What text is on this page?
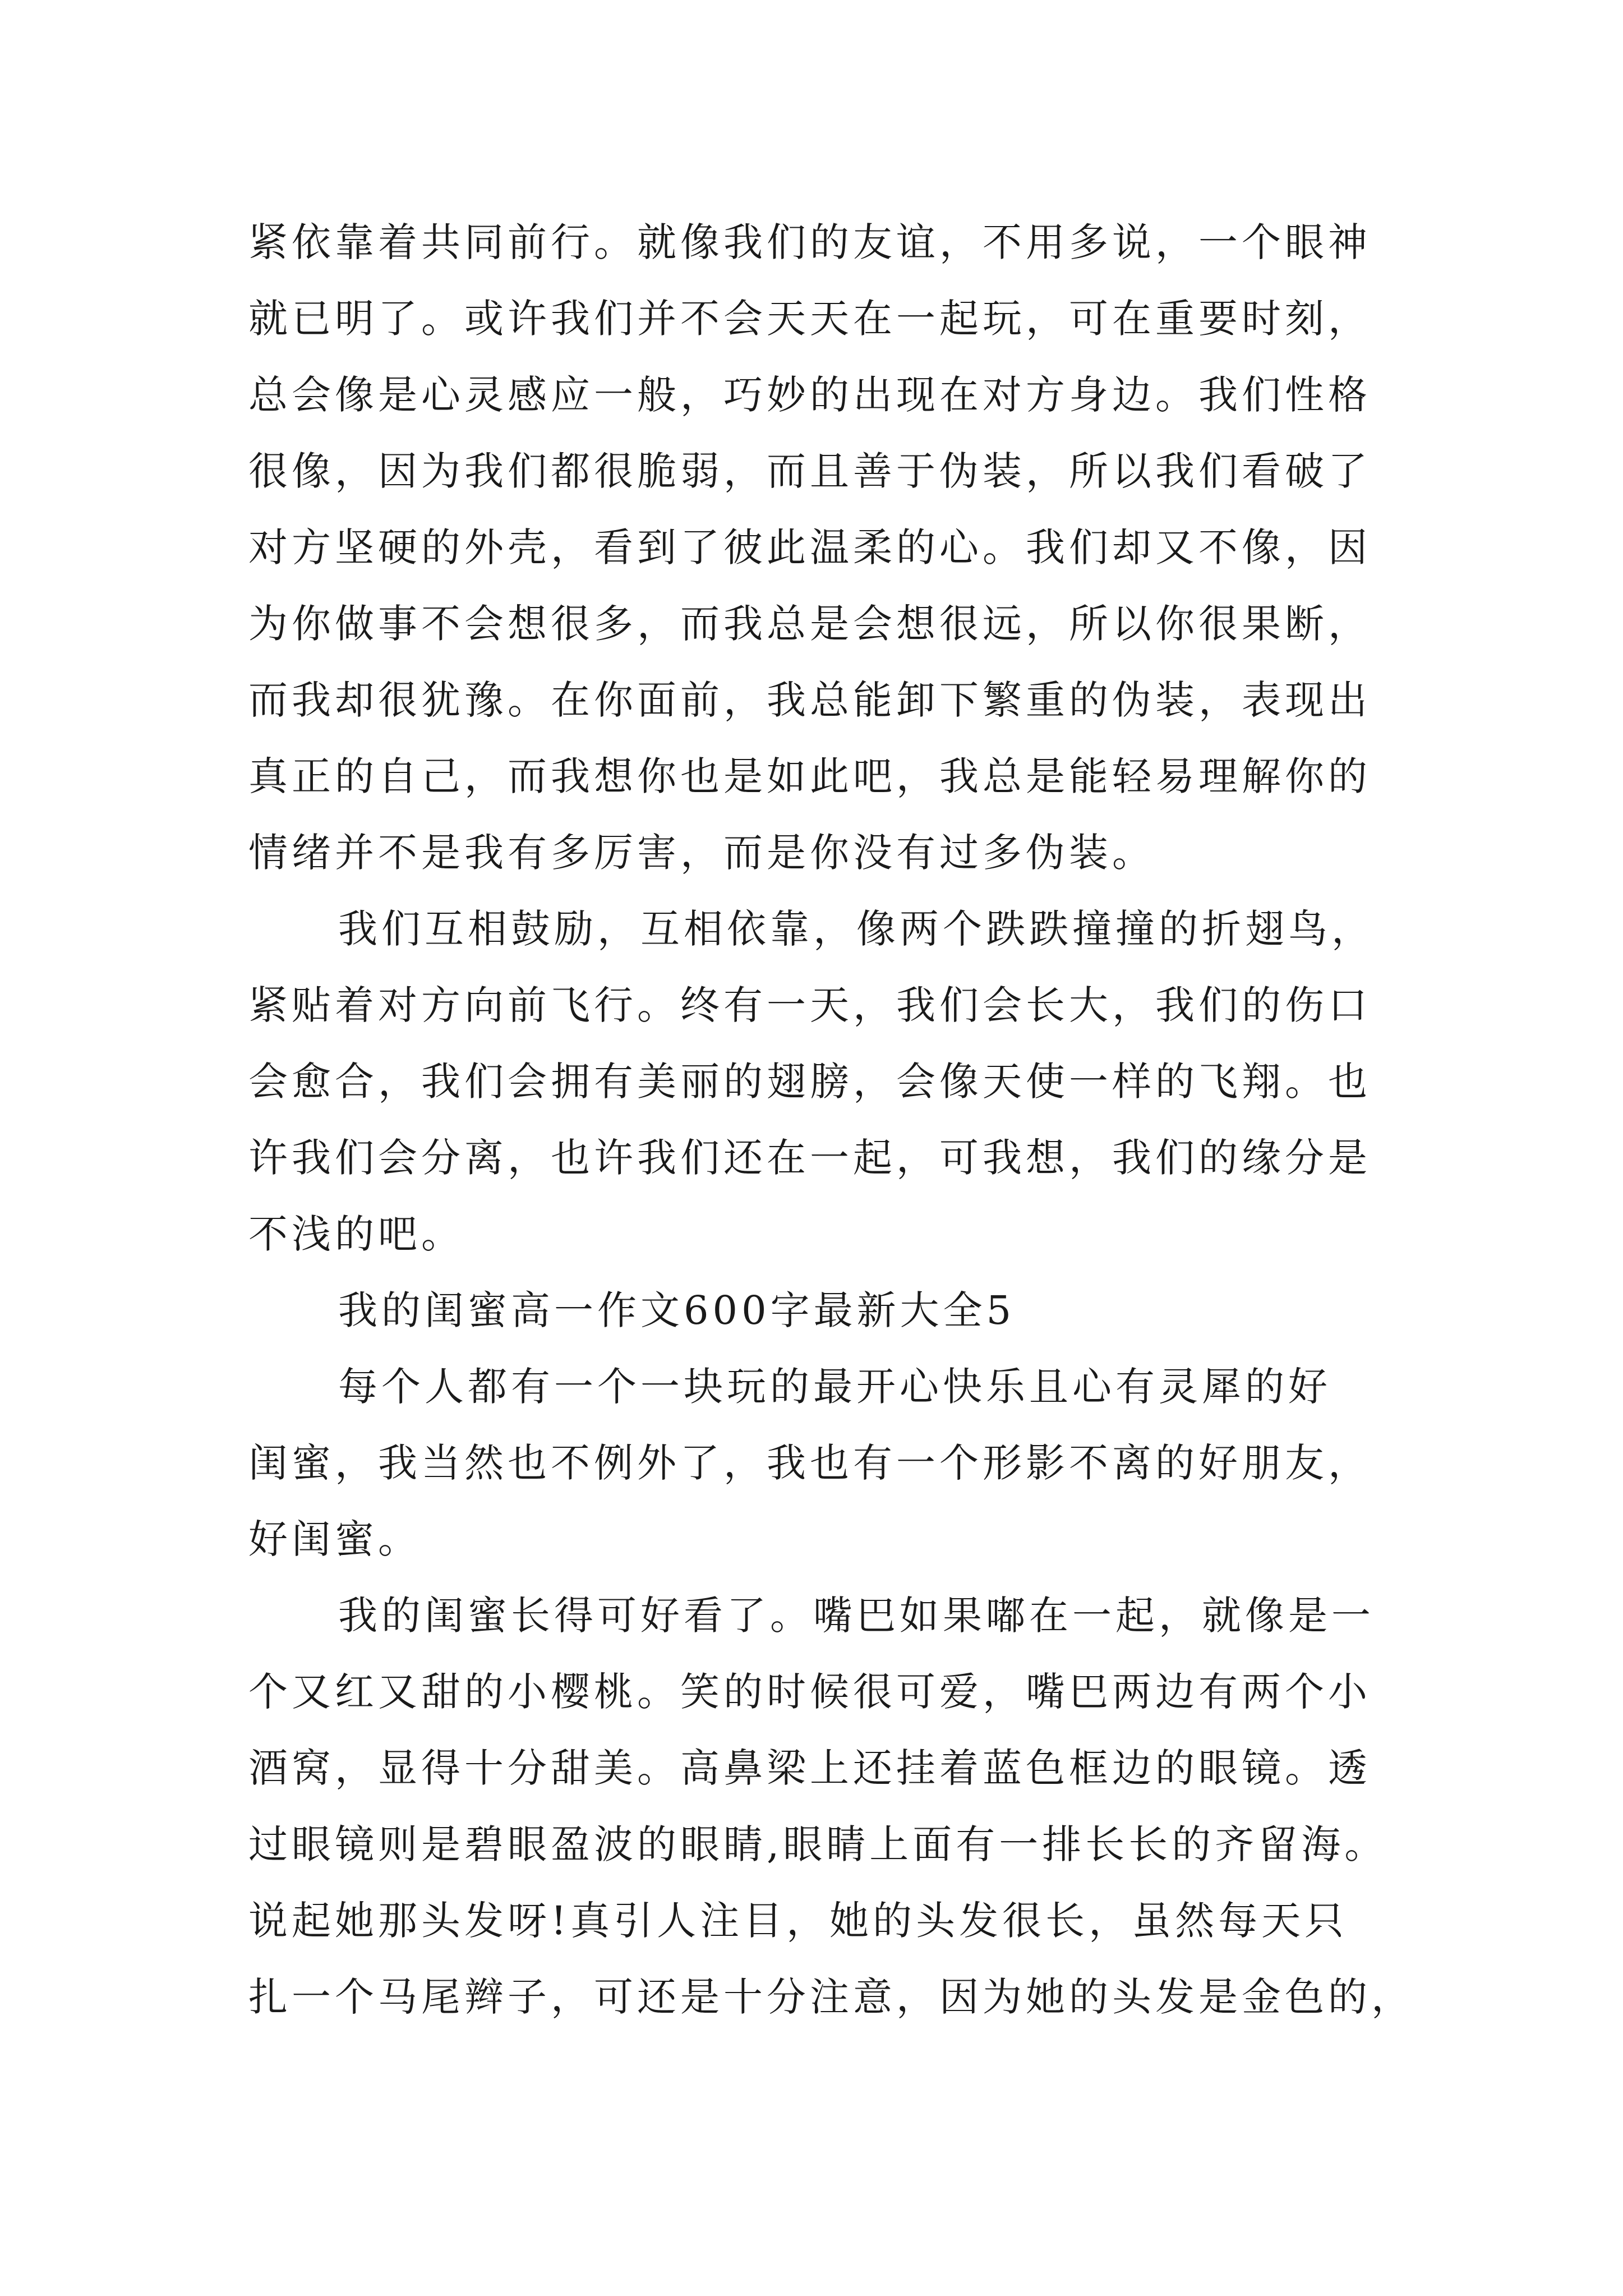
紧依靠着共同前行。就像我们的友谊，不用多说，一个眼神
就已明了。或许我们并不会天天在一起玩，可在重要时刻，
总会像是心灵感应一般，巧妙的出现在对方身边。我们性格
很像，因为我们都很脆弱，而且善于伪装，所以我们看破了
对方坚硬的外壳，看到了彼此温柔的心。我们却又不像，因
为你做事不会想很多，而我总是会想很远，所以你很果断，
而我却很犹豫。在你面前，我总能卸下繁重的伪装，表现出
真正的自己，而我想你也是如此吧，我总是能轻易理解你的
情绪并不是我有多厉害，而是你没有过多伪装。
我们互相鼓励，互相依靠，像两个跌跌撞撞的折翅鸟，
紧贴着对方向前飞行。终有一天，我们会长大，我们的伤口
会愈合，我们会拥有美丽的翅膀，会像天使一样的飞翔。也
许我们会分离，也许我们还在一起，可我想，我们的缘分是
不浅的吧。
我的闺蜜高一作文600字最新大全5
每个人都有一个一块玩的最开心快乐且心有灵犀的好
闺蜜，我当然也不例外了，我也有一个形影不离的好朋友，
好闺蜜。
我的闺蜜长得可好看了。嘴巴如果嘟在一起，就像是一
个又红又甜的小樱桃。笑的时候很可爱，嘴巴两边有两个小
酒窝，显得十分甜美。高鼻梁上还挂着蓝色框边的眼镜。透
过眼镜则是碧眼盈波的眼睛,眼睛上面有一排长长的齐留海。
说起她那头发呀!真引人注目，她的头发很长，虽然每天只
扎一个马尾辫子，可还是十分注意，因为她的头发是金色的，
